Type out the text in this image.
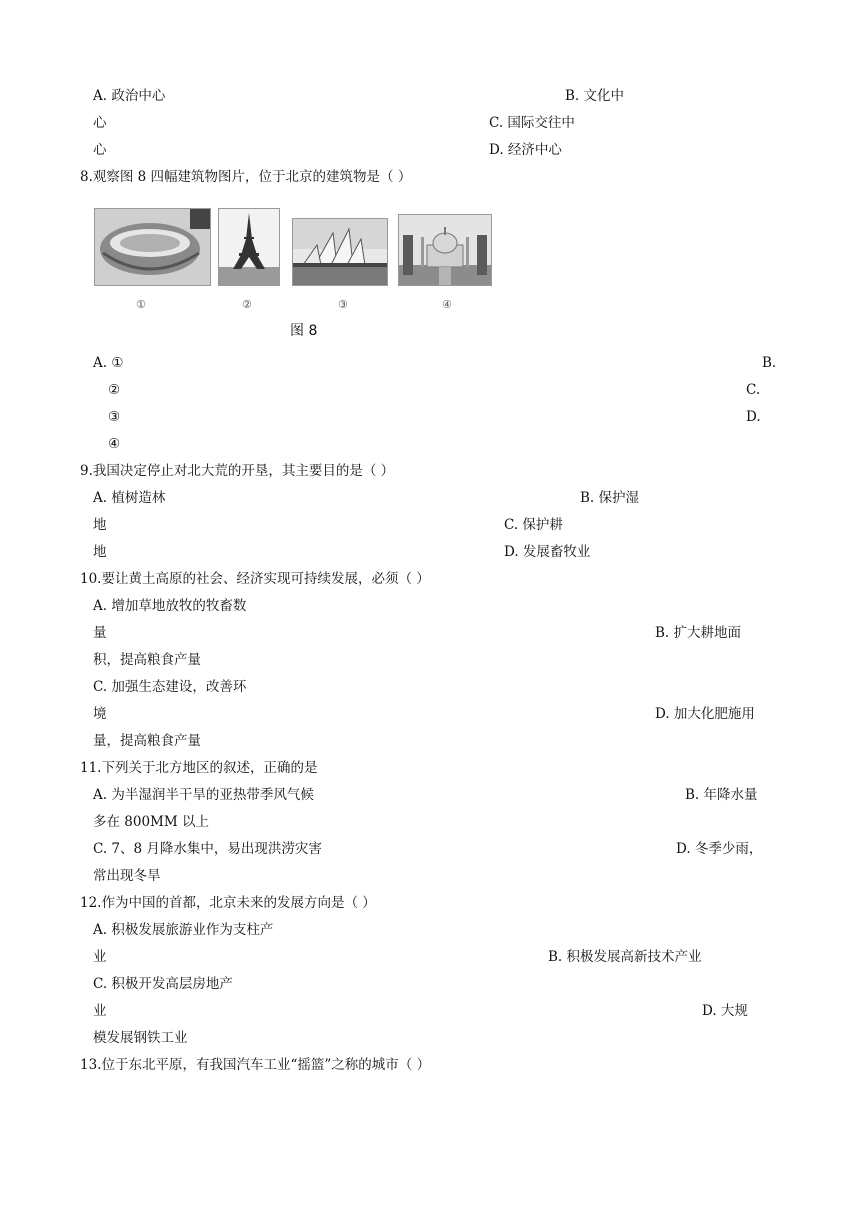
A. 政治中心	B. 文化中
心	C. 国际交往中
心	D. 经济中心
8.观察图 8 四幅建筑物图片，位于北京的建筑物是（ ）
①	②	③	④
图 8
A. ①	B.
②	C.
③	D.
④
9.我国决定停止对北大荒的开垦，其主要目的是（ ）
A. 植树造林	B. 保护湿
地	C. 保护耕
地	D. 发展畜牧业
10.要让黄土高原的社会、经济实现可持续发展，必须（ ）
A. 增加草地放牧的牧畜数
量	B. 扩大耕地面
积，提高粮食产量
C. 加强生态建设，改善环
境	D. 加大化肥施用
量，提高粮食产量
11.下列关于北方地区的叙述，正确的是
A. 为半湿润半干旱的亚热带季风气候	B. 年降水量
多在 800MM 以上
C. 7、8 月降水集中，易出现洪涝灾害	D. 冬季少雨，
常出现冬旱
12.作为中国的首都，北京未来的发展方向是（ ）
A. 积极发展旅游业作为支柱产
业	B. 积极发展高新技术产业
C. 积极开发高层房地产
业	D. 大规
模发展钢铁工业
13.位于东北平原，有我国汽车工业“摇篮”之称的城市（ ）
